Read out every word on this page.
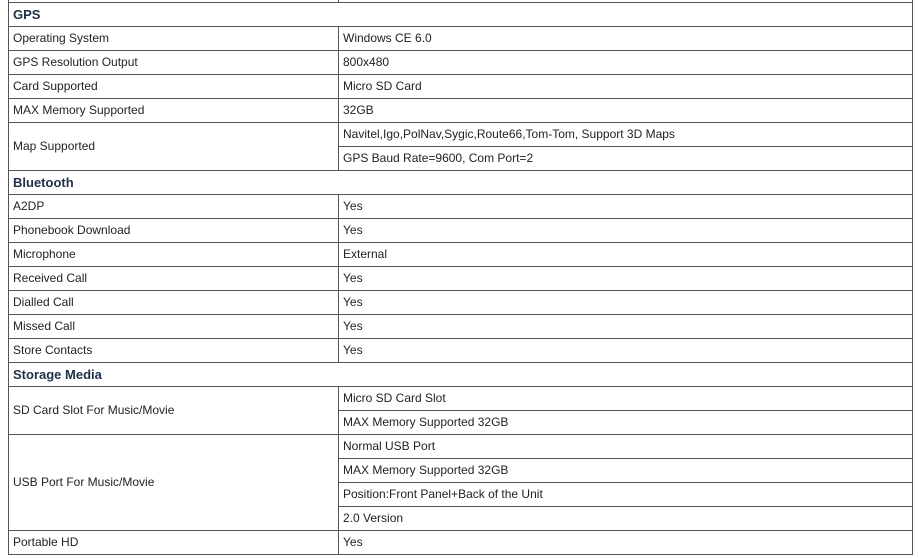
GPS	
Operating System	Windows CE 6.0
GPS Resolution Output	800x480
Card Supported	Micro SD Card
MAX Memory Supported	32GB
Map Supported	Navitel,Igo,PolNav,Sygic,Route66,Tom-Tom, Support 3D Maps
	GPS Baud Rate=9600, Com Port=2
Bluetooth	
A2DP	Yes
Phonebook Download	Yes
Microphone	External
Received Call	Yes
Dialled Call	Yes
Missed Call	Yes
Store Contacts	Yes
Storage Media	
SD Card Slot For Music/Movie	Micro SD Card Slot
	MAX Memory Supported 32GB
USB Port For Music/Movie	Normal USB Port
	MAX Memory Supported 32GB
	Position:Front Panel+Back of the Unit
	2.0 Version
Portable HD	Yes
